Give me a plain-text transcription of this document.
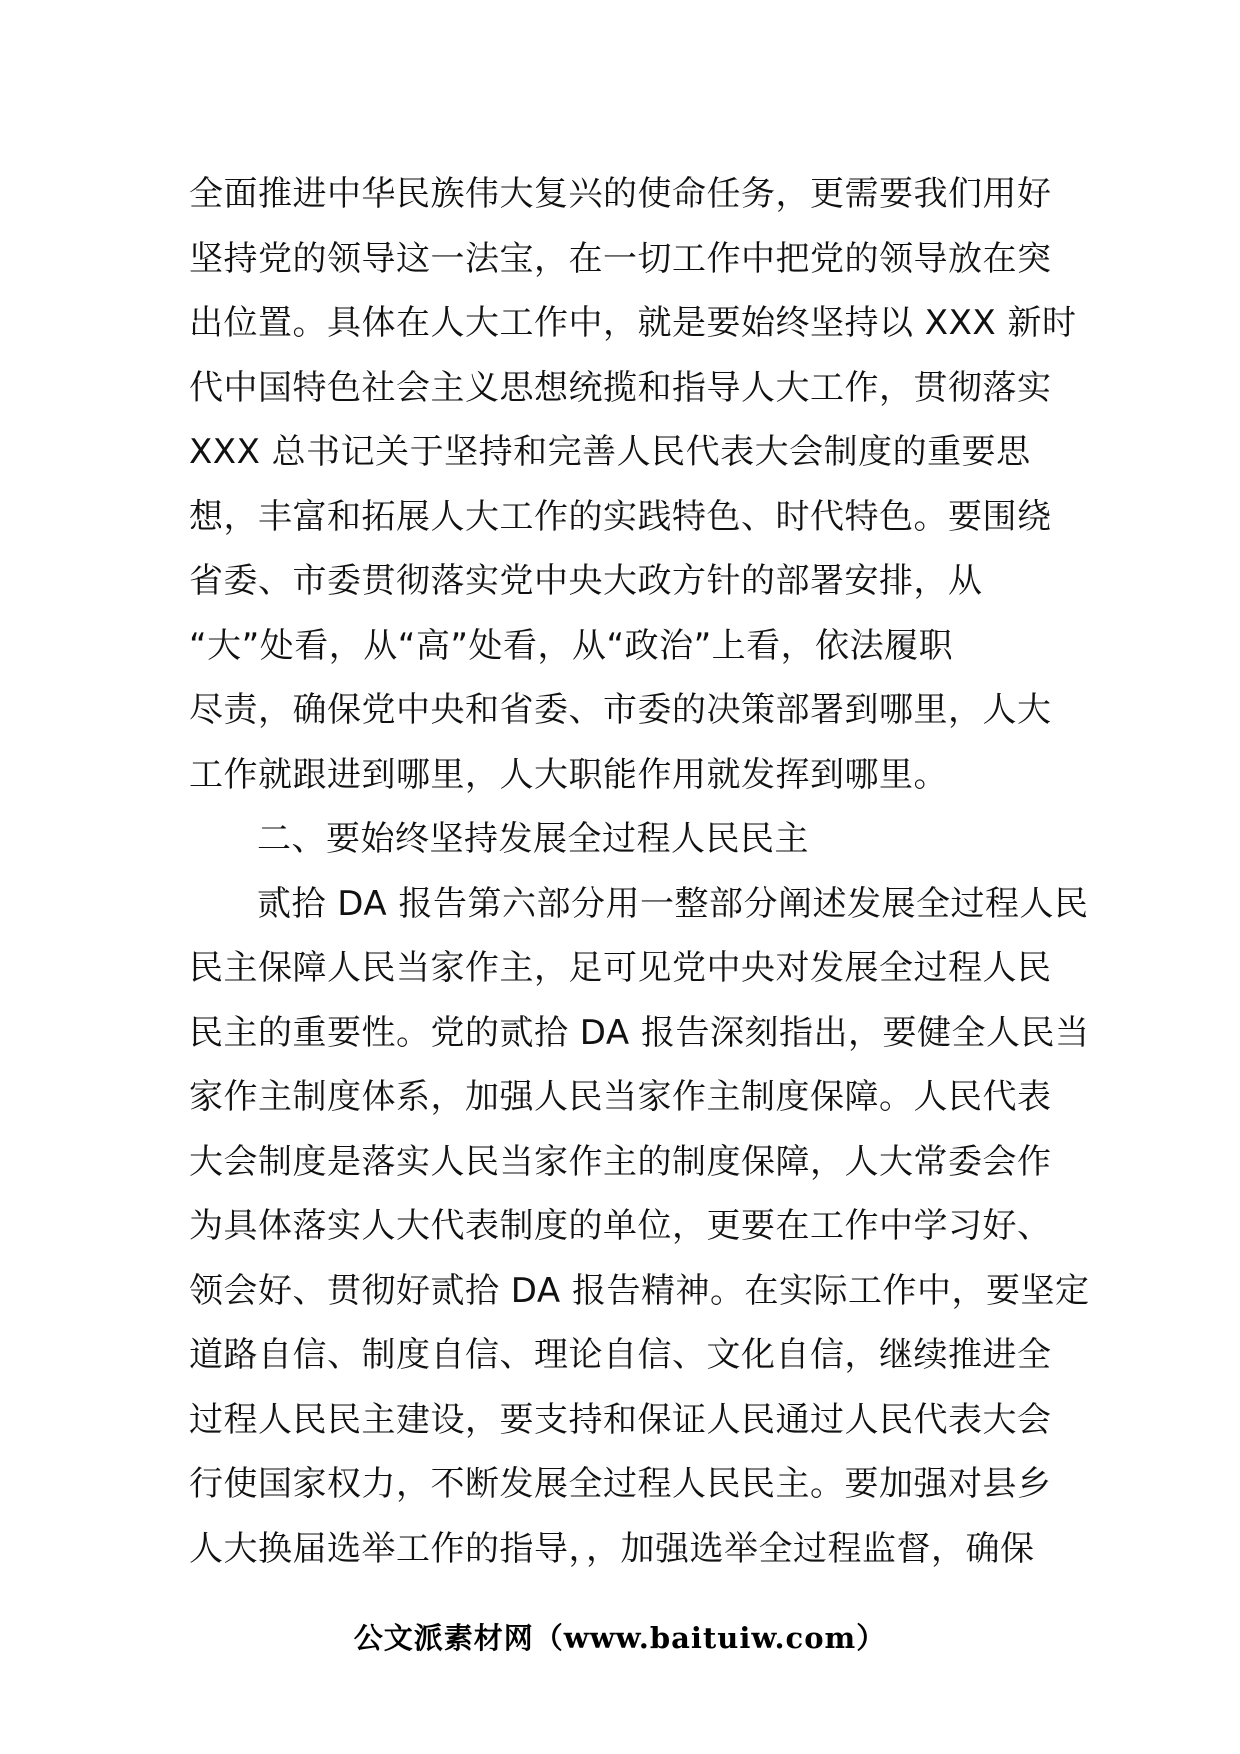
全面推进中华民族伟大复兴的使命任务，更需要我们用好
坚持党的领导这一法宝，在一切工作中把党的领导放在突
出位置。具体在人大工作中，就是要始终坚持以 XXX 新时
代中国特色社会主义思想统揽和指导人大工作，贯彻落实
XXX 总书记关于坚持和完善人民代表大会制度的重要思
想，丰富和拓展人大工作的实践特色、时代特色。要围绕
省委、市委贯彻落实党中央大政方针的部署安排，从
“大”处看，从“高”处看，从“政治”上看，依法履职
尽责，确保党中央和省委、市委的决策部署到哪里，人大
工作就跟进到哪里，人大职能作用就发挥到哪里。
二、要始终坚持发展全过程人民民主
贰拾 DA 报告第六部分用一整部分阐述发展全过程人民
民主保障人民当家作主，足可见党中央对发展全过程人民
民主的重要性。党的贰拾 DA 报告深刻指出，要健全人民当
家作主制度体系，加强人民当家作主制度保障。人民代表
大会制度是落实人民当家作主的制度保障，人大常委会作
为具体落实人大代表制度的单位，更要在工作中学习好、
领会好、贯彻好贰拾 DA 报告精神。在实际工作中，要坚定
道路自信、制度自信、理论自信、文化自信，继续推进全
过程人民民主建设，要支持和保证人民通过人民代表大会
行使国家权力，不断发展全过程人民民主。要加强对县乡
人大换届选举工作的指导，，加强选举全过程监督，确保
公文派素材网（www.baituiw.com）
